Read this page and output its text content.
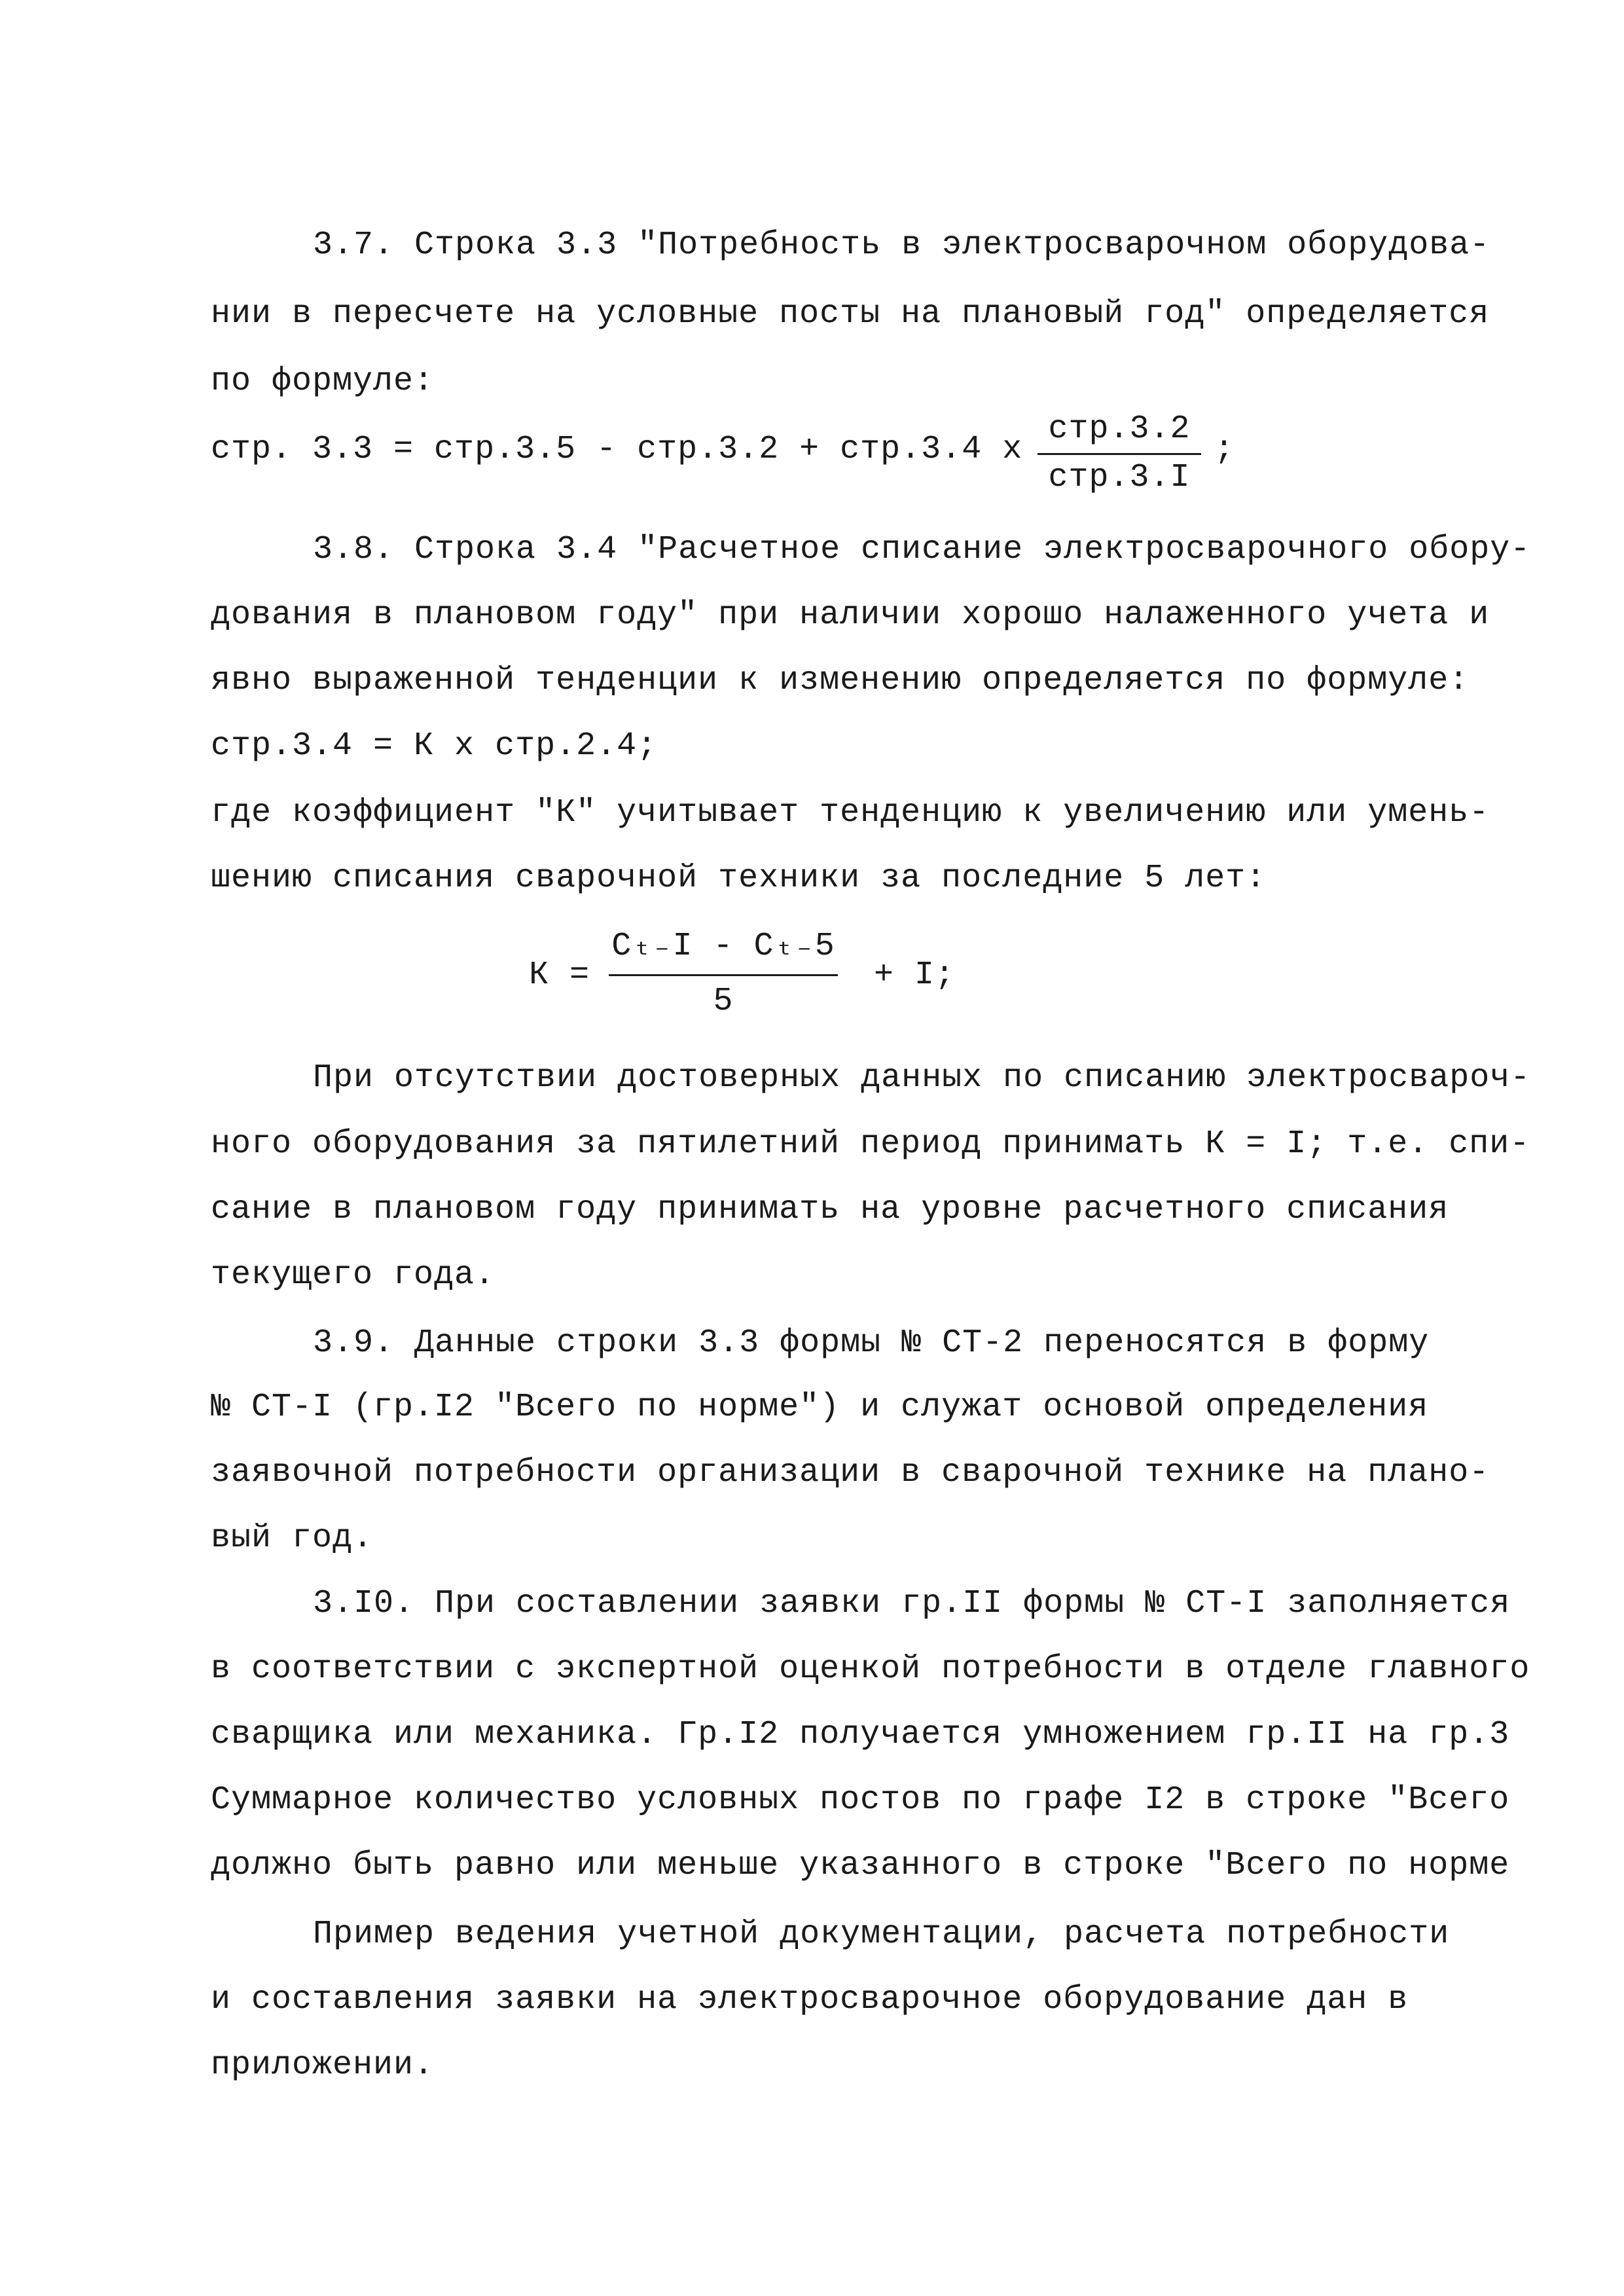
3.7. Строка 3.3 "Потребность в электросварочном оборудова-
нии в пересчете на условные посты на плановый год" определяется
по формуле:
стр. 3.3 = стр.3.5 - стр.3.2 + стр.3.4 x
стр.3.2
стр.3.I
;
3.8. Строка 3.4 "Расчетное списание электросварочного обору-
дования в плановом году" при наличии хорошо налаженного учета и
явно выраженной тенденции к изменению определяется по формуле:
стр.3.4 = К x стр.2.4;
где коэффициент "К" учитывает тенденцию к увеличению или умень-
шению списания сварочной техники за последние 5 лет:
К =
Cₜ₋I - Cₜ₋5
5
+ I;
При отсутствии достоверных данных по списанию электросвароч-
ного оборудования за пятилетний период принимать К = I; т.е. спи-
сание в плановом году принимать на уровне расчетного списания
текущего года.
3.9. Данные строки 3.3 формы № СТ-2 переносятся в форму
№ СТ-I (гр.I2 "Всего по норме") и служат основой определения
заявочной потребности организации в сварочной технике на плано-
вый год.
3.I0. При составлении заявки гр.II формы № СТ-I заполняется
в соответствии с экспертной оценкой потребности в отделе главного
сварщика или механика. Гр.I2 получается умножением гр.II на гр.3
Суммарное количество условных постов по графе I2 в строке "Всего
должно быть равно или меньше указанного в строке "Всего по норме
Пример ведения учетной документации, расчета потребности
и составления заявки на электросварочное оборудование дан в
приложении.
